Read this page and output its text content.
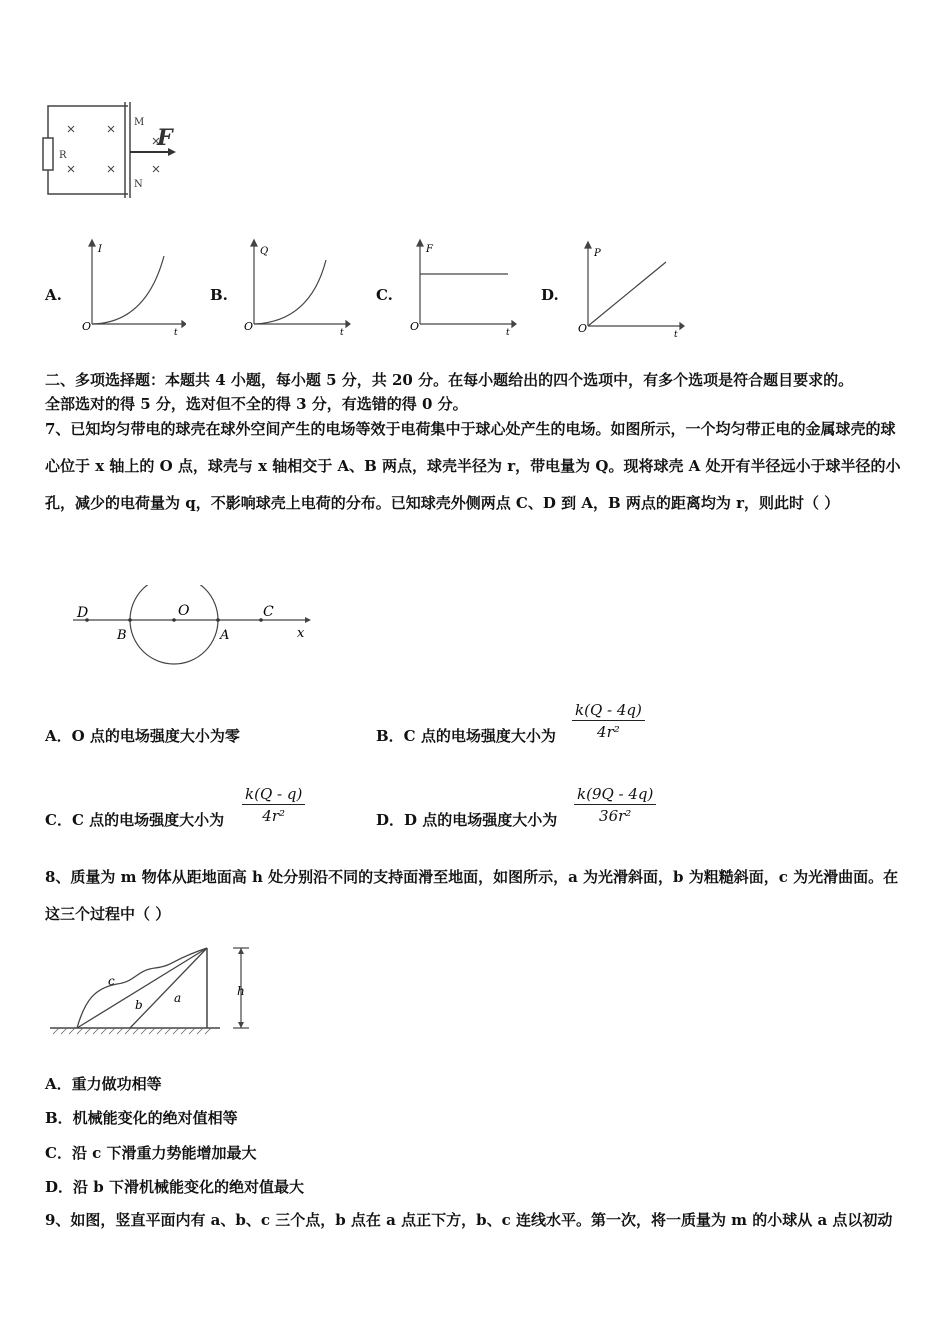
R
M
N
F
A.
I
t
O
B.
Q
t
O
C.
F
t
O
D.
P
t
O
二、多项选择题：本题共 4 小题，每小题 5 分，共 20 分。在每小题给出的四个选项中，有多个选项是符合题目要求的。
全部选对的得 5 分，选对但不全的得 3 分，有选错的得 0 分。
7、已知均匀带电的球壳在球外空间产生的电场等效于电荷集中于球心处产生的电场。如图所示，一个均匀带正电的金属球壳的球心位于 x 轴上的 O 点，球壳与 x 轴相交于 A、B 两点，球壳半径为 r，带电量为 Q。现将球壳 A 处开有半径远小于球半径的小孔，减少的电荷量为 q，不影响球壳上电荷的分布。已知球壳外侧两点 C、D 到 A，B 两点的距离均为 r，则此时（ ）
D	O	C
B	A	x
A．O 点的电场强度大小为零	B．C 点的电场强度大小为 $\frac{k(Q - 4q)}{\text{4r²}}$
C．C 点的电场强度大小为 $\frac{k(Q - q)}{\text{4r²}}$	D．D 点的电场强度大小为 $\frac{k(9Q - 4q)}{\text{36r²}}$
8、质量为 m 物体从距地面高 h 处分别沿不同的支持面滑至地面，如图所示，a 为光滑斜面，b 为粗糙斜面，c 为光滑曲面。在这三个过程中（ ）
c
b	a	h
A．重力做功相等
B．机械能变化的绝对值相等
C．沿 c 下滑重力势能增加最大
D．沿 b 下滑机械能变化的绝对值最大
9、如图，竖直平面内有 a、b、c 三个点，b 点在 a 点正下方，b、c 连线水平。第一次，将一质量为 m 的小球从 a 点以初动
